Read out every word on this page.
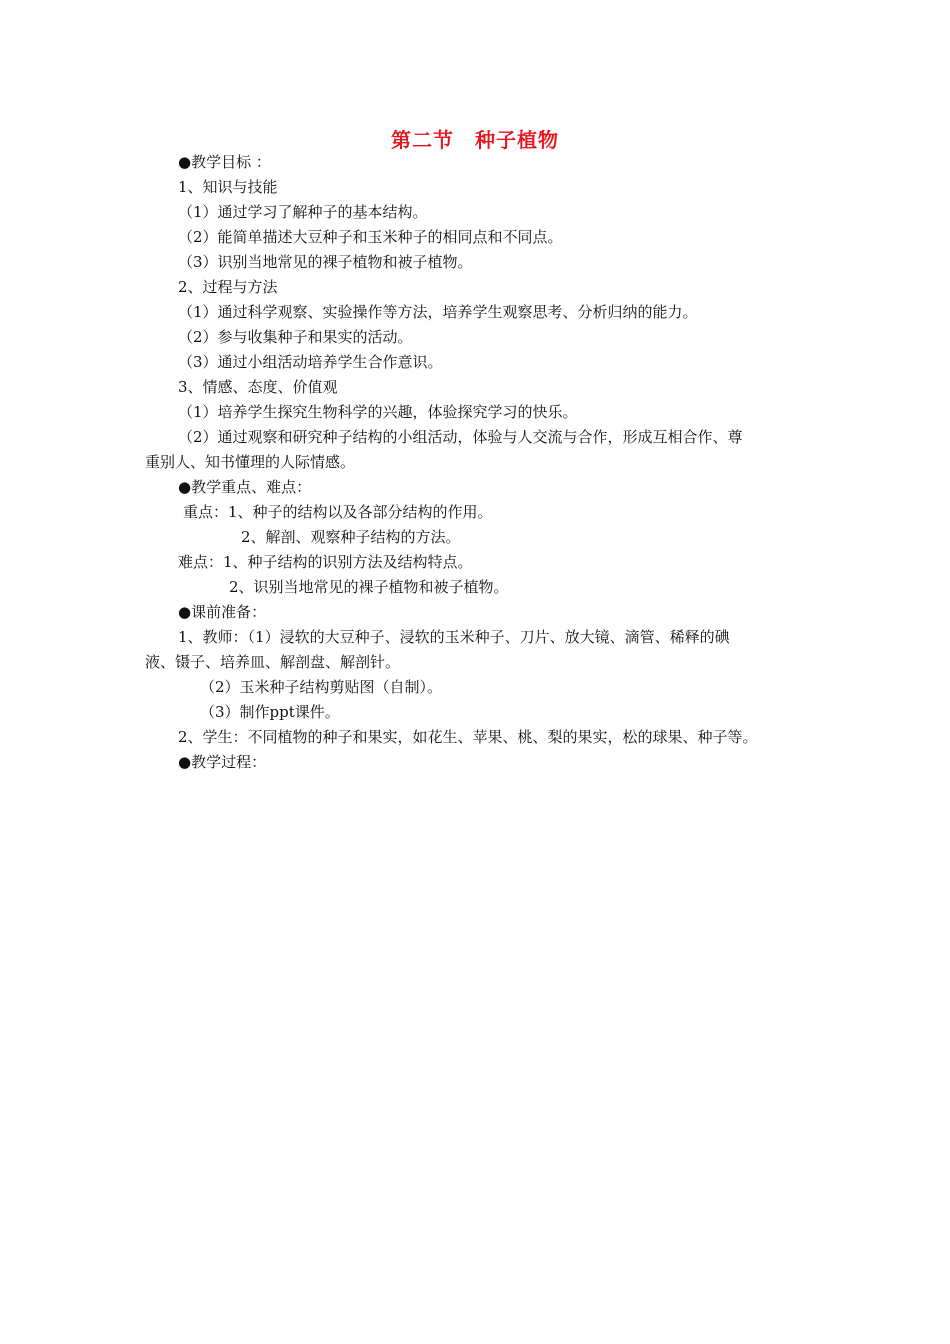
第二节　种子植物
●教学目标 ：
1、知识与技能
（1）通过学习了解种子的基本结构。
（2）能简单描述大豆种子和玉米种子的相同点和不同点。
（3）识别当地常见的裸子植物和被子植物。
2、过程与方法
（1）通过科学观察、实验操作等方法，培养学生观察思考、分析归纳的能力。
（2）参与收集种子和果实的活动。
（3）通过小组活动培养学生合作意识。
3、情感、态度、价值观
（1）培养学生探究生物科学的兴趣，体验探究学习的快乐。
（2）通过观察和研究种子结构的小组活动，体验与人交流与合作，形成互相合作、尊
重别人、知书懂理的人际情感。
●教学重点、难点：
重点：1、种子的结构以及各部分结构的作用。
2、解剖、观察种子结构的方法。
难点：1、种子结构的识别方法及结构特点。
2、识别当地常见的裸子植物和被子植物。
●课前准备：
1、教师：（1）浸软的大豆种子、浸软的玉米种子、刀片、放大镜、滴管、稀释的碘
液、镊子、培养皿、解剖盘、解剖针。
（2）玉米种子结构剪贴图（自制）。
（3）制作ppt课件。
2、学生：不同植物的种子和果实，如花生、苹果、桃、梨的果实，松的球果、种子等。
●教学过程：
